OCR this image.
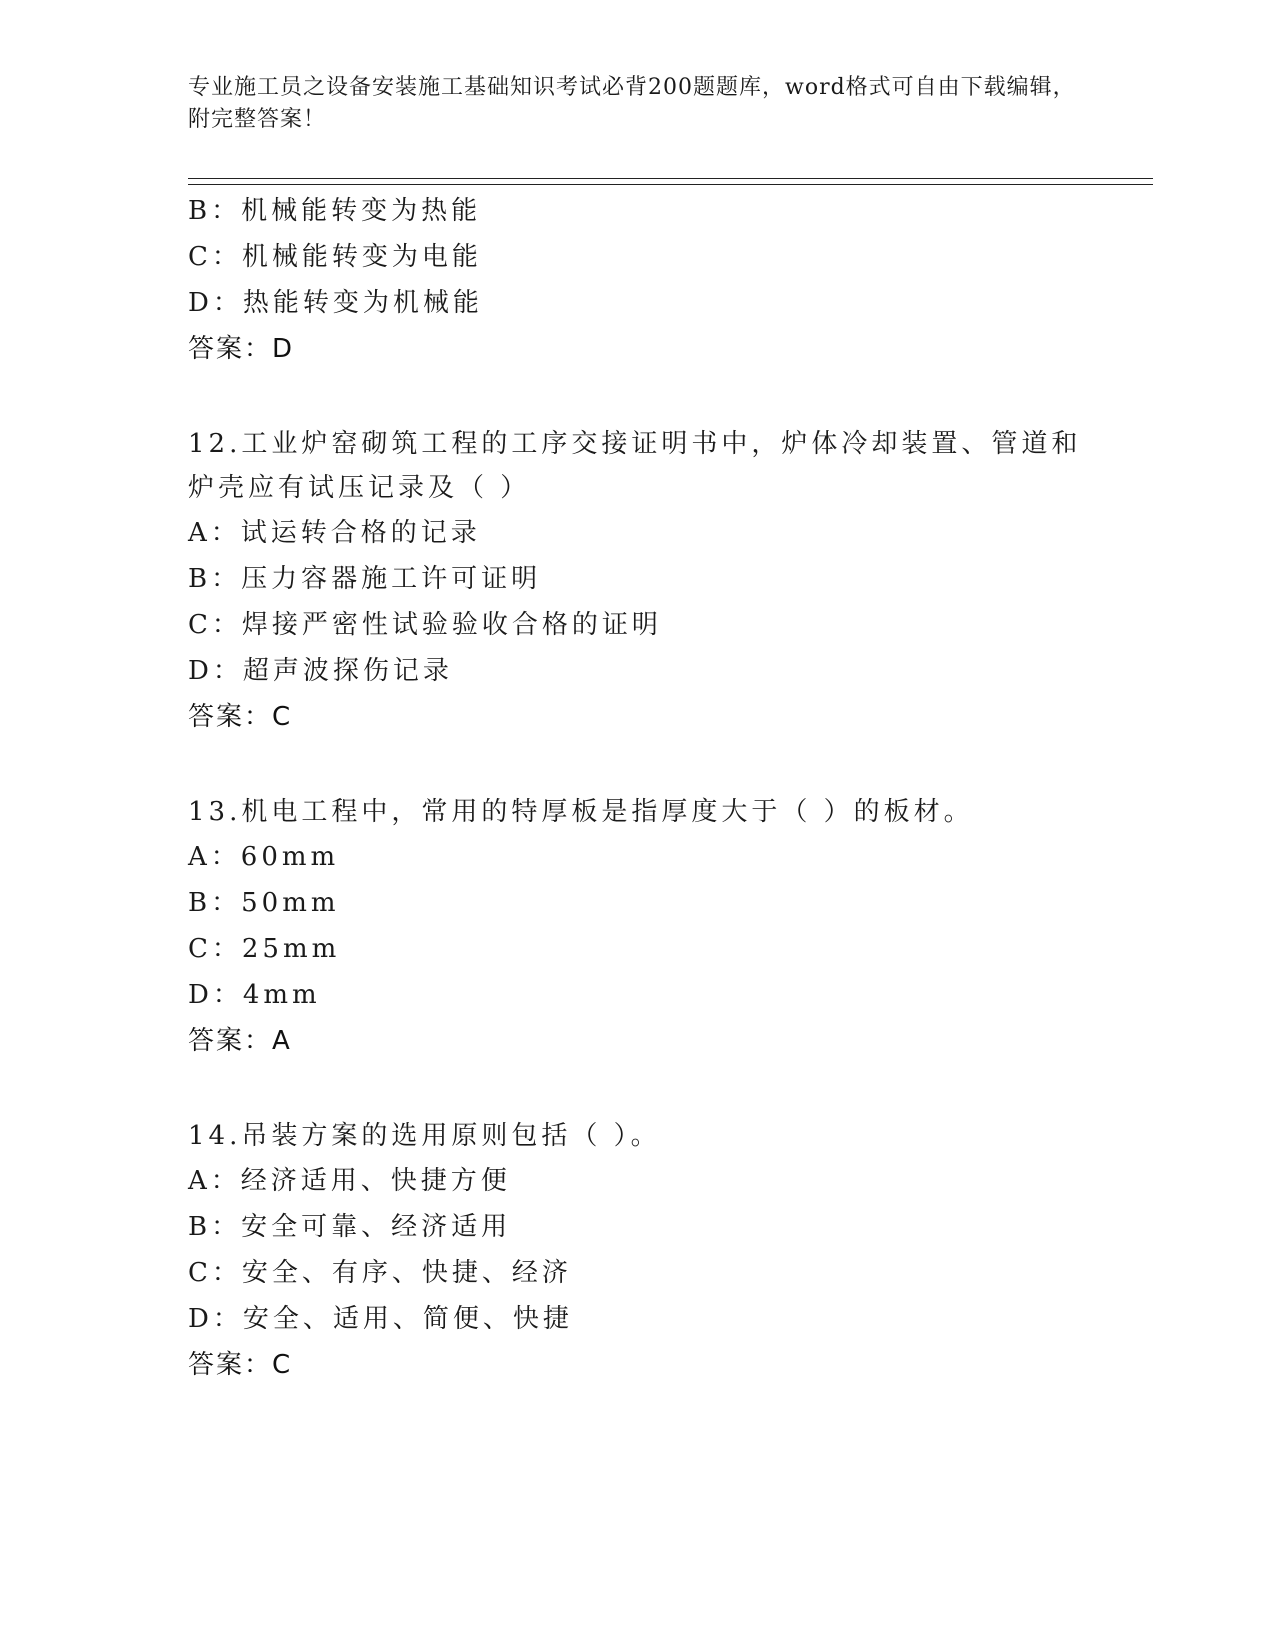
专业施工员之设备安装施工基础知识考试必背200题题库，word格式可自由下载编辑，附完整答案！
B：机械能转变为热能
C：机械能转变为电能
D：热能转变为机械能
答案：D
12.工业炉窑砌筑工程的工序交接证明书中，炉体冷却装置、管道和炉壳应有试压记录及（ ）
A：试运转合格的记录
B：压力容器施工许可证明
C：焊接严密性试验验收合格的证明
D：超声波探伤记录
答案：C
13.机电工程中，常用的特厚板是指厚度大于（ ）的板材。
A：60mm
B：50mm
C：25mm
D：4mm
答案：A
14.吊装方案的选用原则包括（ ）。
A：经济适用、快捷方便
B：安全可靠、经济适用
C：安全、有序、快捷、经济
D：安全、适用、简便、快捷
答案：C
